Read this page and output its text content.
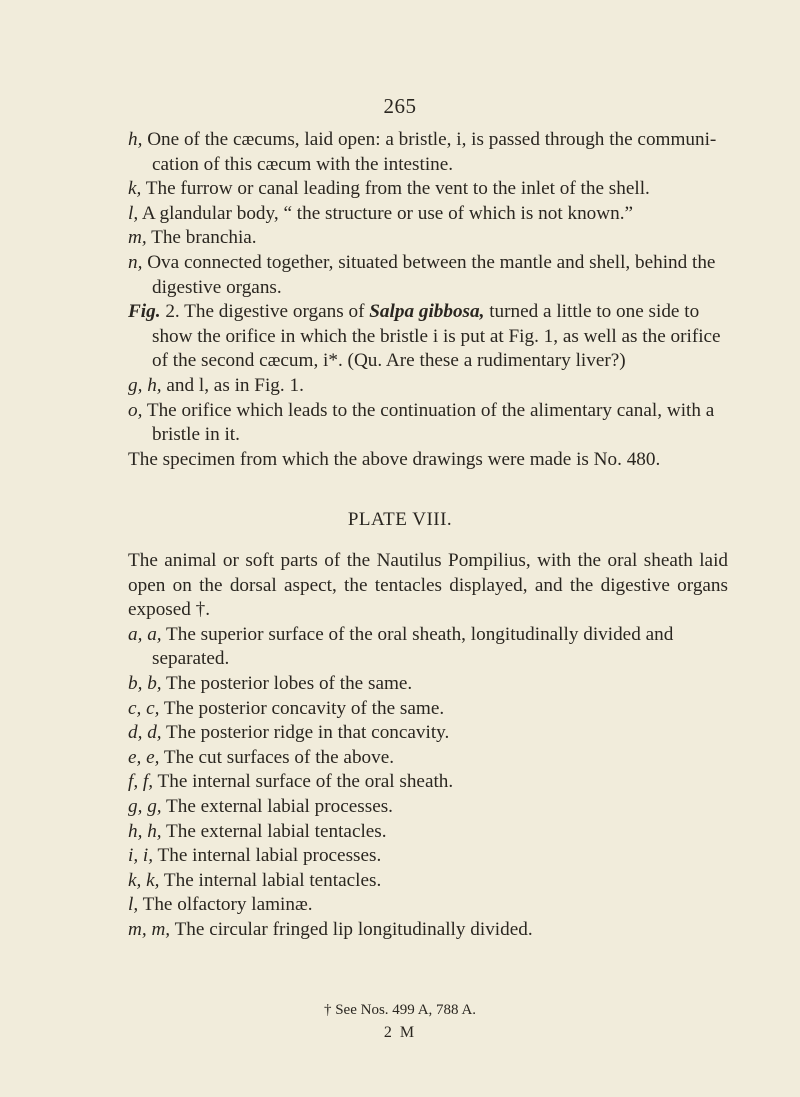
265

h, One of the cæcums, laid open: a bristle, i, is passed through the communi-cation of this cæcum with the intestine.

k, The furrow or canal leading from the vent to the inlet of the shell.

l, A glandular body, “ the structure or use of which is not known.”

m, The branchia.

n, Ova connected together, situated between the mantle and shell, behind the digestive organs.

Fig. 2. The digestive organs of Salpa gibbosa, turned a little to one side to show the orifice in which the bristle i is put at Fig. 1, as well as the orifice of the second cæcum, i*. (Qu. Are these a rudimentary liver?)

g, h, and l, as in Fig. 1.

o, The orifice which leads to the continuation of the alimentary canal, with a bristle in it.

The specimen from which the above drawings were made is No. 480.

PLATE VIII.

The animal or soft parts of the Nautilus Pompilius, with the oral sheath laid open on the dorsal aspect, the tentacles displayed, and the digestive organs exposed †.

a, a, The superior surface of the oral sheath, longitudinally divided and separated.

b, b, The posterior lobes of the same.

c, c, The posterior concavity of the same.

d, d, The posterior ridge in that concavity.

e, e, The cut surfaces of the above.

f, f, The internal surface of the oral sheath.

g, g, The external labial processes.

h, h, The external labial tentacles.

i, i, The internal labial processes.

k, k, The internal labial tentacles.

l, The olfactory laminæ.

m, m, The circular fringed lip longitudinally divided.

† See Nos. 499 A, 788 A.
2 M
